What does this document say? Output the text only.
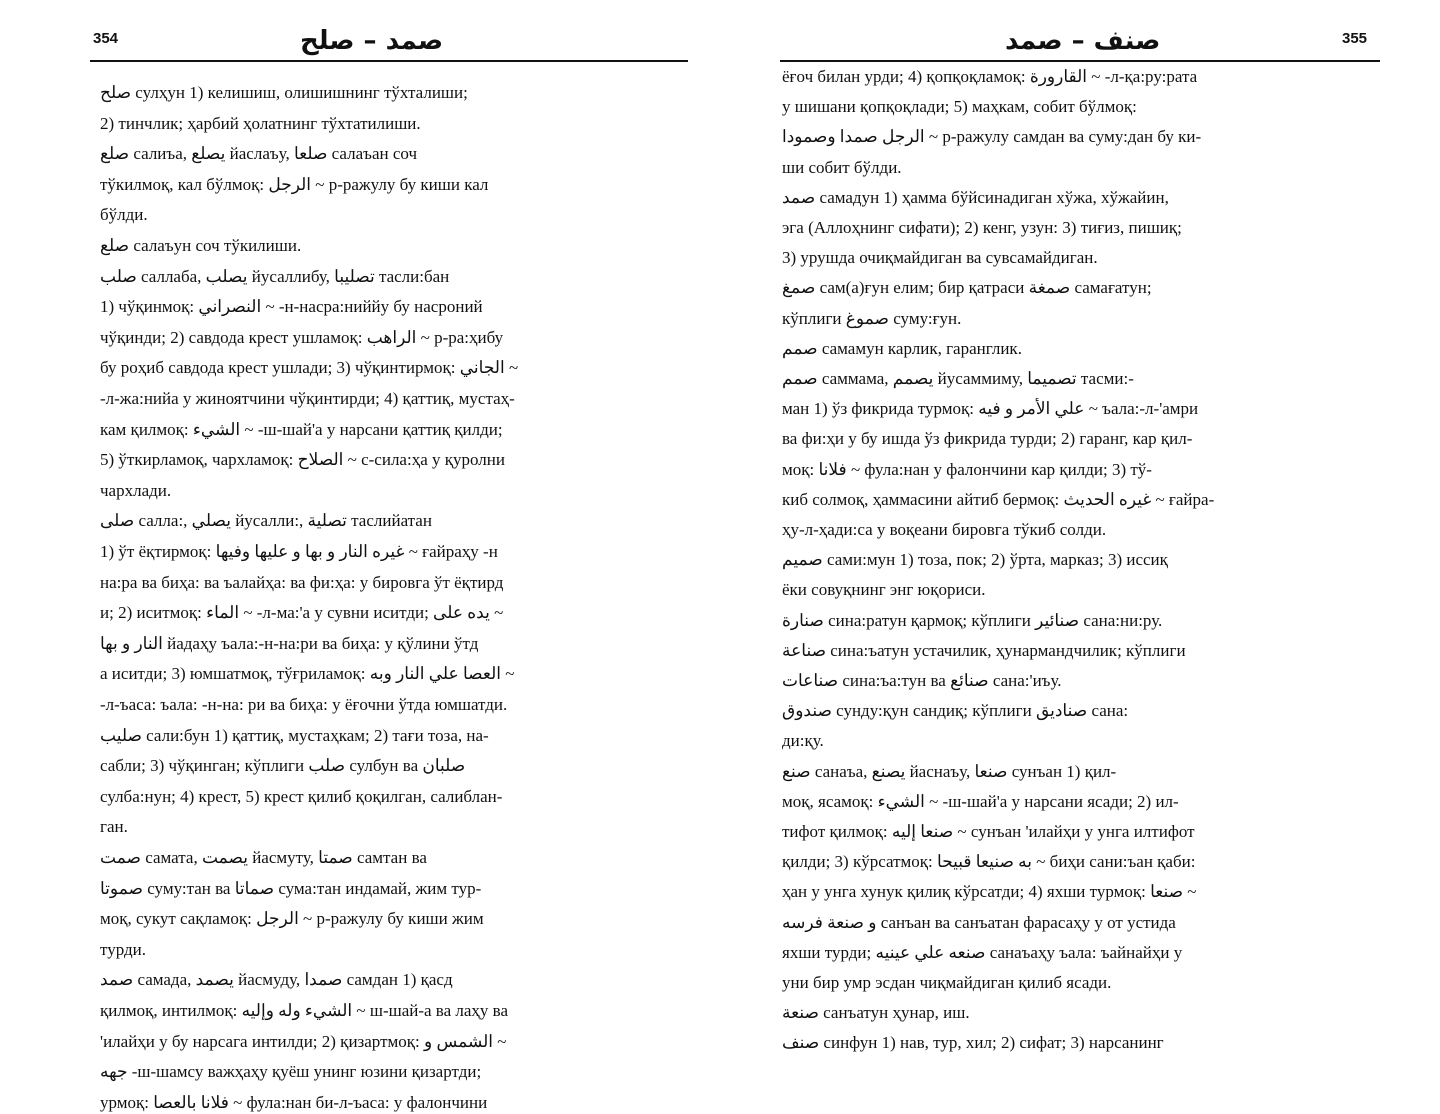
354	صمد – صلح
صلح сулҳун 1) келишиш, олишишнинг тўхталиши;
2) тинчлик; ҳарбий ҳолатнинг тўхтатилиши.
صلع салиъа, يصلع йаслаъу, صلعا салаъан соч
тўкилмоқ, кал бўлмоқ: الرجل ~ р-ражулу бу киши кал
бўлди.
صلع салаъун соч тўкилиши.
صلب саллаба, يصلب йусаллибу, تصليبا тасли:бан
1) чўқинмоқ: النصراني ~ -н-насра:ниййу бу насроний
чўқинди; 2) савдода крест ушламоқ: الراهب ~ р-ра:ҳибу
бу роҳиб савдода крест ушлади; 3) чўқинтирмоқ: الجاني ~
-л-жа:нийа у жиноятчини чўқинтирди; 4) қаттиқ, мустаҳ-
кам қилмоқ: الشيء ~ -ш-шай'а у нарсани қаттиқ қилди;
5) ўткирламоқ, чархламоқ: الصلاح ~ с-сила:ҳа у қуролни
чархлади.
صلى салла:, يصلي йусалли:, تصلية таслийатан
1) ўт ёқтирмоқ: غيره النار و بها و عليها وفيها ~ ғайраҳу -н
на:ра ва биҳа: ва ъалайҳа: ва фи:ҳа: у бировга ўт ёқтирд
и; 2) иситмоқ: الماء ~ -л-ма:'а у сувни иситди; يده على ~
النار و بها йадаҳу ъала:-н-на:ри ва биҳа: у қўлини ўтд
а иситди; 3) юмшатмоқ, тўғриламоқ: العصا علي النار وبه ~
-л-ъаса: ъала: -н-на: ри ва биҳа: у ёғочни ўтда юмшатди.
صليب сали:бун 1) қаттиқ, мустаҳкам; 2) тағи тоза, на-
сабли; 3) чўқинган; кўплиги صلب сулбун ва صلبان
сулба:нун; 4) крест, 5) крест қилиб қоқилган, салиблан-
ган.
صمت самата, يصمت йасмуту, صمتا самтан ва
صموتا суму:тан ва صماتا сума:тан индамай, жим тур-
моқ, сукут сақламоқ: الرجل ~ р-ражулу бу киши жим
турди.
صمد самада, يصمد йасмуду, صمدا самдан 1) қасд
қилмоқ, интилмоқ: الشيء وله وإليه ~ ш-шай-а ва лаҳу ва
'илайҳи у бу нарсага интилди; 2) қизартмоқ: الشمس و ~
جهه -ш-шамсу важҳаҳу қуёш унинг юзини қизартди;
урмоқ: فلانا بالعصا ~ фула:нан би-л-ъаса: у фалончини
355
صنف – صمد
ёғоч билан урди; 4) қопқоқламоқ: القارورة ~ -л-қа:ру:рата
у шишани қопқоқлади; 5) маҳкам, собит бўлмоқ:
الرجل صمدا وصمودا ~ р-ражулу самдан ва суму:дан бу ки-
ши собит бўлди.
صمد самадун 1) ҳамма бўйсинадиган хўжа, хўжайин,
эга (Аллоҳнинг сифати); 2) кенг, узун: 3) тиғиз, пишиқ;
3) урушда очиқмайдиган ва сувсамайдиган.
صمغ сам(а)ғун елим; бир қатраси صمغة самағатун;
кўплиги صموغ суму:ғун.
صمم самамун карлик, гаранглик.
صمم саммама, يصمم йусаммиму, تصميما тасми:-
ман 1) ўз фикрида турмоқ: علي الأمر و فيه ~ ъала:-л-'амри
ва фи:ҳи у бу ишда ўз фикрида турди; 2) гаранг, кар қил-
моқ: فلانا ~ фула:нан у фалончини кар қилди; 3) тў-
киб солмоқ, ҳаммасини айтиб бермоқ: غيره الحديث ~ ғайра-
ҳу-л-ҳади:са у воқеани бировга тўкиб солди.
صميم сами:мун 1) тоза, пок; 2) ўрта, марказ; 3) иссиқ
ёки совуқнинг энг юқориси.
صنارة сина:ратун қармоқ; кўплиги صنائير сана:ни:ру.
صناعة сина:ъатун устачилик, ҳунармандчилик; кўплиги
صناعات сина:ъа:тун ва صنائع сана:'иъу.
صندوق сунду:қун сандиқ; кўплиги صناديق сана:
ди:қу.
صنع санаъа, يصنع йаснаъу, صنعا сунъан 1) қил-
моқ, ясамоқ: الشيء ~ -ш-шай'а у нарсани ясади; 2) ил-
тифот қилмоқ: صنعا إليه ~ сунъан 'илайҳи у унга илтифот
қилди; 3) кўрсатмоқ: به صنيعا قبيحا ~ биҳи сани:ъан қаби:
ҳан у унга хунук қилиқ кўрсатди; 4) яхши турмоқ: صنعا ~
و صنعة فرسه санъан ва санъатан фарасаҳу у от устида
яхши турди; صنعه علي عينيه санаъаҳу ъала: ъайнайҳи у
уни бир умр эсдан чиқмайдиган қилиб ясади.
صنعة санъатун ҳунар, иш.
صنف синфун 1) нав, тур, хил; 2) сифат; 3) нарсанинг
